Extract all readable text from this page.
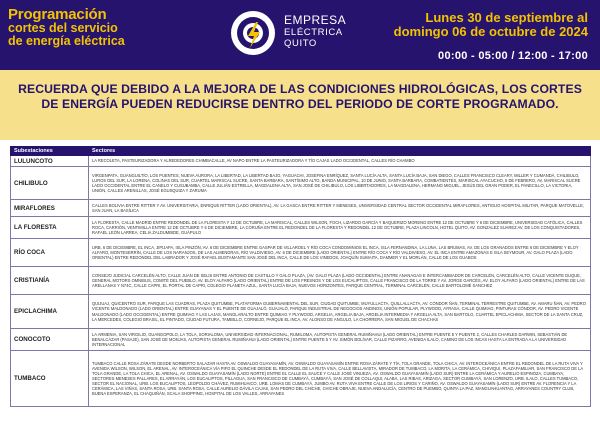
Programación
cortes del servicio
de energía eléctrica
EMPRESA
ELÉCTRICA
QUITO
Lunes 30 de septiembre al
domingo 06 de octubre de 2024
00:00 - 05:00 / 12:00 - 17:00
RECUERDA QUE DEBIDO A LA MEJORA DE LAS CONDICIONES HIDROLÓGICAS, LOS CORTES
DE ENERGÍA PUEDEN REDUCIRSE DENTRO DEL PERIODO DE CORTE PROGRAMADO.
Subestaciones	Sectores
LULUNCOTO	LA RECOLETA, PASTEURIZADORA Y ALREDEDORES CHIMBACALLE, AV NAPO ENTRE LA PASTEURIZADORA Y TÍO CAJAS LADO OCCIDENTAL, CALLES RÍO CHAMBO
CHILIBULO	VIRGENPATA, GUANGUILTÍO, LOS PUENTES, NUEVA AURORA, LA LIBERTAD, LA LIBERTAD BAJO, YAGUACHI, JOSEFINA ENRÍQUEZ, SANTA LUCÍA ALTA, SANTA LUCÍA BAJA, SAN DIEGO, CALLES FRANCISCO CLEARY, MILLER Y CUMANDÁ, CHILIBULO, LUROS DEL SUR, LA LORENA, COLINAS DEL SUR, CUARTEL MARISCAL SUCRE, SANTA BARBARA, SANTÍSIMO ALTO, BANDA MUNICIPAL, 10 DE JUNIO, SANTA BARBARA, COMBATIENTES, MARISCAL AYACUCHO, 5 DE FEBRERO, AV. MARISCAL SUCRE LADO OCCIDENTAL ENTRE EL CANELO Y CUSUBAMBA, CALLE JULIÁN ESTRELLA, MAGDALENA ALTA, SAN JOSÉ DE CHILIBULO, LOS LIBERTADORES, LA MAGDALENA, HERMANO MIGUEL, JESÚS DEL GRAN PODER, EL PANECILLO, LA VICTORIA, UNIÓN, CALLES ARENILLAS, JOSÉ EGUSQUIZA Y ZARUMA
MIRAFLORES	CALLES BOLIVIA ENTRE RITTER Y AV. UNIVERSITARIA, ENRIQUE RITTER (LADO ORIENTAL), AV. LA GASCA ENTRE RITTER Y MENESES, UNIVERSIDAD CENTRAL SECTOR OCCIDENTAL MIRAFLORES, ANTIGUO HOSPITAL MILITAR, PARQUE MATOVELLE, SAN JUAN, LA BASÍLICA
LA FLORESTA	LA FLORESTA, CALLE MADRID ENTRE REDONDEL DE LA FLORESTA Y 12 DE OCTUBRE, LA MARISCAL, CALLES WILSON, FOCH, LIZARDO GARCÍA Y BAQUERIZO MORENO ENTRE 12 DE OCTUBRE Y 6 DE DICIEMBRE, UNIVERSIDAD CATÓLICA, CALLES ROCA, CARRIÓN, VENTIMILLA ENTRE 12 DE OCTUBRE Y 6 DE DICIEMBRE, LA CORUÑA ENTRE EL REDONDEL DE LA FLORESTA Y REDONDEL 12 DE OCTUBRE, PLAZA LINCOLN, HOTEL QUITO, AV. GONZALEZ SUAREZ AV. DE LOS CONQUISTADORES, RAFAEL LEÓN LARREA, CELIA ZALDUMBIDE, GUÁPULO
RÍO COCA	URB. 6 DE DICIEMBRE, EL INCA, JIPIJAPA, ISLA PINZÓN, AV. 6 DE DICIEMBRE ENTRE GASPAR DE VILLAROEL Y RÍO COCA CONDOMINIOS EL INCA, ISLA FERNANDINA, LA LUNA, LAS BRUMAS, AV. DE LOS GRANADOS ENTRE 6 DE DICIEMBRE Y ELOY ALFARO, MONTESERRÍN, CALLE DE LOS NARANJOS, DE LAS ALMENDRAS, RÍO VALDIVIESO, AV. 6 DE DICIEMBRE (LADO ORIENTAL) ENTRE RÍO COCA Y RÍO VALDIVIESO, AV. EL INCA ENTRE AMAZONAS E ISLA SEYMOUR, AV. GALO PLAZA (LADO ORIENTAL) ENTRE REDONDEL DEL LABRADOR Y JOSÉ RAFAEL BUSTAMANTE SAN JOSÉ DEL INCA, CALLE DE LOS VINEDOS, JOAQUÍN SUMAITA, DAMMER Y EL MORLÁN, CALLE DE LOS GUABOS
CRISTIANÍA	CONSEJO JUDICIAL CARCELÉN ALTO, CALLE JUAN DE SELIS ENTRE ANTONIO DE CASTILLO Y GALO PLAZA, (AV. GALO PLAZA (LADO OCCIDENTAL) ENTRE ANANAGAS E INTERCAMBIADOR DE CARCELÉN, CARCELÉN ALTO, CALLE VICENTE DUQUE, GENERAL MOTORS OMNIBUS, COMITÉ DEL PUEBLO, AV. ELOY ALFARO (LADO ORIENTAL) ENTRE DE LOS FRESNOS Y DE LOS EUCALIPTOS, CALLE FRANCISCO DE LA TORRE Y AV. JORGE GARCÉS, AV. ELOY ALFARO (LADO ORIENTAL) ENTRE DE LAS ARELLANAS Y N74C, CALLE CAPRI, EL PORTAL DE CAPRI, COLEGIO PLANETA AZUL, SANTA LUCÍA BAJA, NUEVOS HORIZONTES, PARQUE CENTRAL, TERMINAL CARCELÉN, CALLE BARTOLOMÉ SANCHEZ
EPICLACHIMA	QUIJUAJ, QUICENTRO SUR, PARQUE LAS CUADRAS, PLAZA QUITUMBE, PLATAFORMA GUBERNAMENTAL DEL SUR, CIUDAD QUITUMBE, MUYULLACTA, QUILLALLACTA, AV. CÓNDOR ÑAN, TERMINAL TERRESTRE QUITUMBE, AV. AMARU ÑAN, AV. PEDRO VICENTE MALDONADO (LADO ORIENTAL) ENTRE GUAYANAS Y EL PUENTE DE GUAJALÓ, GUAJALÓ, PARQUE INDUSTRIAL DE NEGOCIOS ANDINOS, UNIÓN POPULAR, PLYWOOD, AYRASA, CALLE QUIMIAG, PINTURAS CÓNDOR, AV. PEDRO VICENTE MALDONADO (LADO OCCIDENTAL) ENTRE QUIMIAG Y LAS LAJAS, MANGLARALTO ENTRE QUIMIAG Y PLYWOOD, ARGELIA, ARGELIA BAJA, ARGELIA INTERMEDIA Y ARGELIA ALTA, SAN BARTOLO, CUARTEL EPICLACHIMA, SECTOR DE LA SANTA CRUZ, LA MERCEDES, COLEGIO BRASIL, EL PINTADO, CIUDAD FUTURA, TAMBILLO, CORNEJO, PARQUE EL INCA, AV. ALONSO DE ANGULO, LA CHORRERA, SAN MIGUEL DE CHACHAS
CONOCOTO	LA ARMENIA, SAN VIRGILIO, GUANGOPOLO, LA TOLA, SORIALOMA, UNIVERSIDAD INTERNACIONAL, RUMILOMA, AUTOPISTA GENERAL RUMIÑAHUI (LADO ORIENTAL) ENTRE PUENTE 5 Y PUENTE 2, CALLES CHARLES DARWIN, SEBASTIÁN DE BENALCÁZAR (PASAJE), SAN JOSÉ DE MONJAS, AUTOPISTA GENERAL RUMIÑAHUI (LADO ORIENTAL) ENTRE PUENTE 5 Y AV. SIMÓN BOLÍVAR, CALLE PIZARRO, AVENIDA ILALO, CAMINO DE LOS INCAS HASTA LA ENTRADA A LA UNIVERSIDAD INTERNACIONAL
TUMBACO	TUMBACO CALLE ROSA ZÁRATE DESDE NORBERTO SALAZAR HASTA AV. OSWALDO GUAYASAMÍN, AV. OSWALDO GUAYASAMÍN ENTRE ROSA ZÁRATE Y TÍA, TOLA GRANDE, TOLA CHICA, AV. INTEROCEÁNICA ENTRE EL REDONDEL DE LA RUTA VIVA Y AVENIDA WILSON, WILSON, EL ARENAL, AV. INTEROCEÁNICA VÍA PIFO EL QUINCHE DESDE EL REDONDEL DE LA RUTA VIVA, CALLE BELLAVISTA, MIRADOR DE TUMBACO, LA MORITA, LA CERÁMICA, CHIVIQUI, PLAZAFAMILIAR, SAN FRANCISCO DE LA TOLA GRANDE, LA TOLA CHICA, EL ARENAL, AV. OSWALDO GUAYASAMÍN (LADO NORTE) ENTRE EL CALLE EL SAUCE Y CALLE JOSÉ VINUEZA, AV. OSWALDO GUAYASAMÍN (LADO SUR) ENTRE LA CERÁMICA Y AURELIO ESPINOZA, CUMBAYA, SECTORES MENESES PALLARES, EL ARRAYÁN, LOS EUCALIPTOS, PILLAGUA, SAN FRANCISCO DE CUMBAYÁ, CUMBAYÁ, SAN JOSÉ DE COLLAQUI, ALABA, LAS RIBAS, ARIZAGA, SECTOR CUMBAYÁ, SAN LORENZO, URB. ILALO, CALLES TUMBACO, SECTOR EL NACIONAL, URB. LOS EUCALIPTOS, LEOPOLDO CHÁVEZ, RUMIHUAICO, URB. LOMAS DE CUMBAYÁ, JUMBO AV. RUTA VIVA ENTRE CALLE DE LOS LIRIOS Y CARIÑO, AV. OSWALDO GUAYASAMÍN (LADO SUR) ENTRE AV. FLORENCIA Y LA CERÁMICA, LAS VIÑAS, SANTA ROSA, URB. SANTA ROSA, CALLE AURELIO DÁVILA CAJAS, SAN PEDRO DEL CHICHE, CHICHE OBRAJE, NUEVA ANDALUCÍA, CENTRO DE PUEMBO, QUINTA LA PAZ, MANGUAHUANTAG, ARRAYANES COUNTRY CLUB, BUENA ESPERANZA, EL CHAQUIÑÁN, SCALA SHOPPING, HOSPITAL DE LOS VALLES, ARRAYANES
